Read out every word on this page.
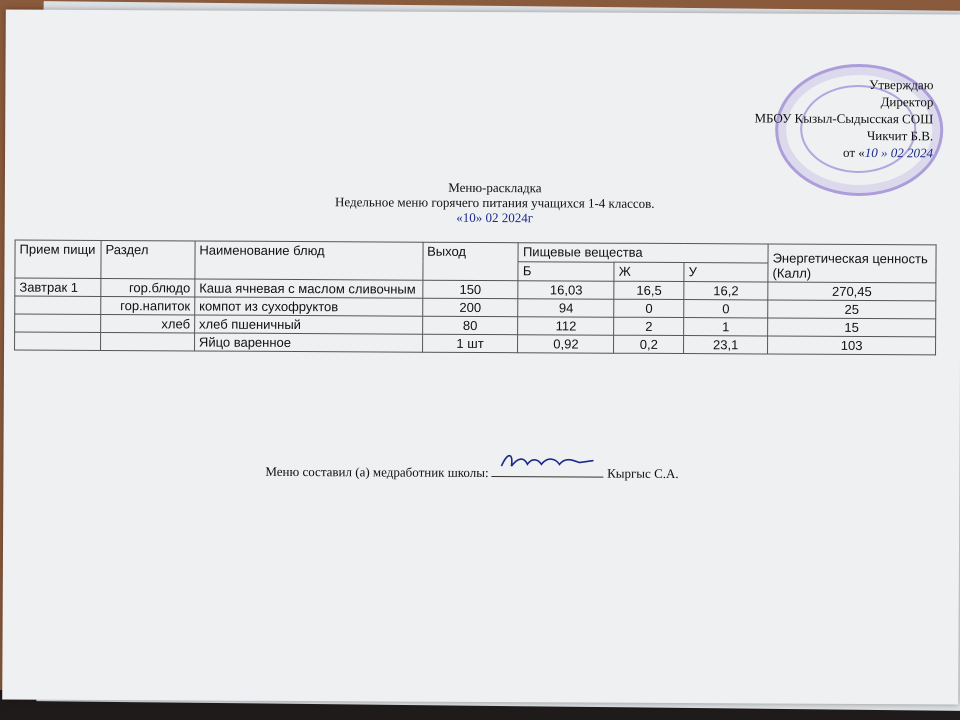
Утверждаю
Директор
МБОУ Кызыл-Сыдысская СОШ
Чикчит Б.В.
от «10 » 02 2024
Меню-раскладка
Недельное меню горячего питания учащихся 1-4 классов.
«10» 02 2024г
Прием пищи	Раздел	Наименование блюд	Выход	Пищевые вещества			Энергетическая ценность (Калл)
				Б	Ж	У	
Завтрак 1	гор.блюдо	Каша ячневая с маслом сливочным	150	16,03	16,5	16,2	270,45
	гор.напиток	компот из сухофруктов	200	94	0	0	25
	хлеб	хлеб пшеничный	80	112	2	1	15
		Яйцо варенное	1 шт	0,92	0,2	23,1	103
Меню составил (а) медработник школы:	Кыргыс С.А.
